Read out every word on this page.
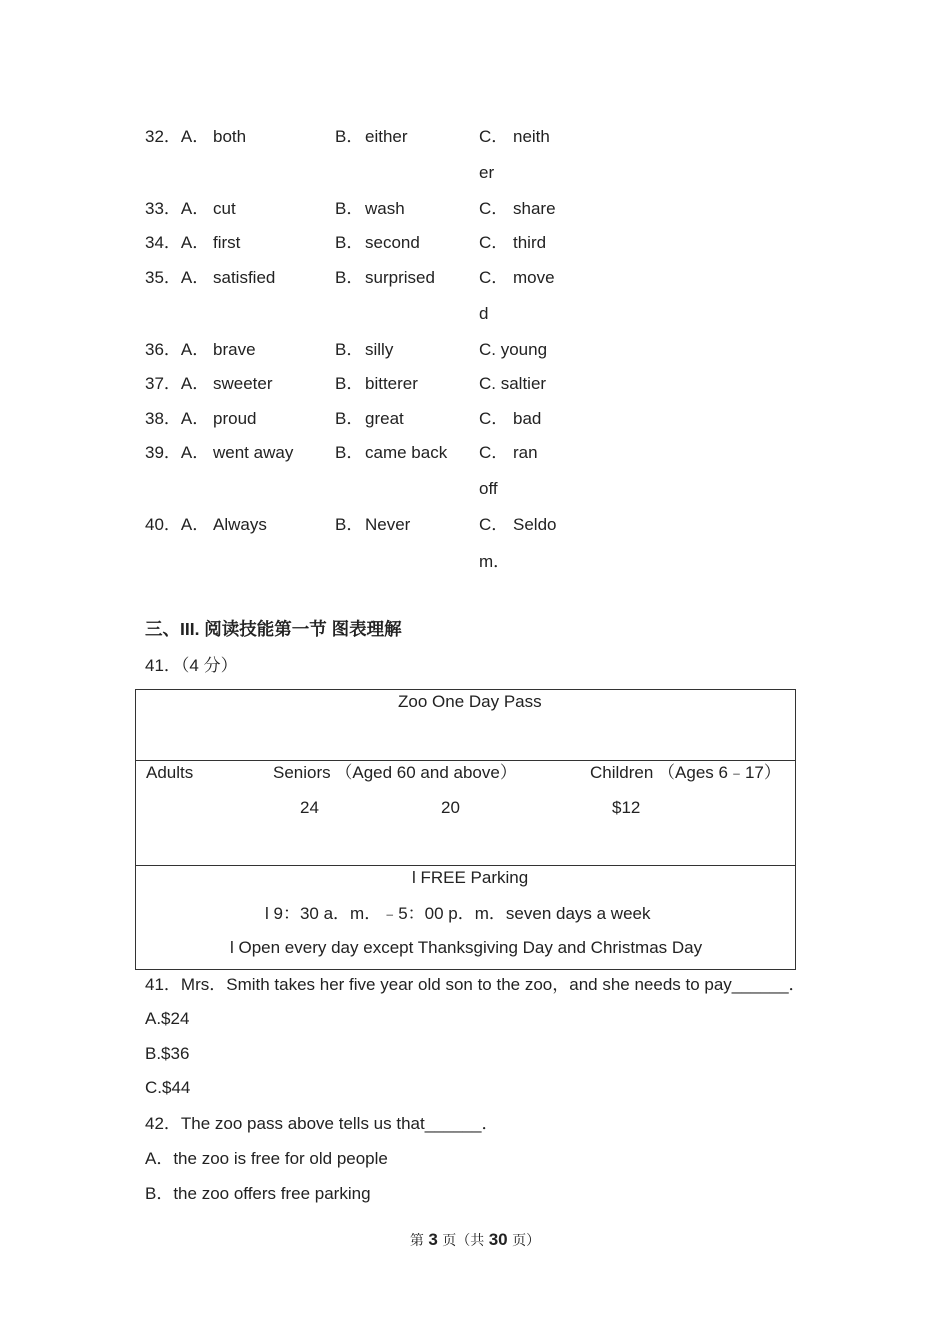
32．A． both	B． either	C． neith
er
33．A． cut	B． wash	C． share
34．A． first	B． second	C． third
35．A． satisfied	B． surprised	C． move
d
36．A． brave	B． silly	C. young
37．A． sweeter	B． bitterer	C. saltier
38．A． proud	B． great	C． bad
39．A． went away B． came back C． ran
off
40．A． Always	B． Never	C． Seldo
m．
三、III. 阅读技能第一节 图表理解
41．（4 分）
Zoo One Day Pass
Adults	Seniors （Aged 60 and above）	Children （Ages 6﹣17）
24	20	$12
l FREE Parking
l 9：30 a．m．﹣5：00 p．m．seven days a week
l Open every day except Thanksgiving Day and Christmas Day
41．Mrs．Smith takes her five year old son to the zoo，and she needs to pay______．
A.$24
B.$36
C.$44
42．The zoo pass above tells us that______．
A．the zoo is free for old people
B．the zoo offers free parking
第 3 页（共 30 页）
